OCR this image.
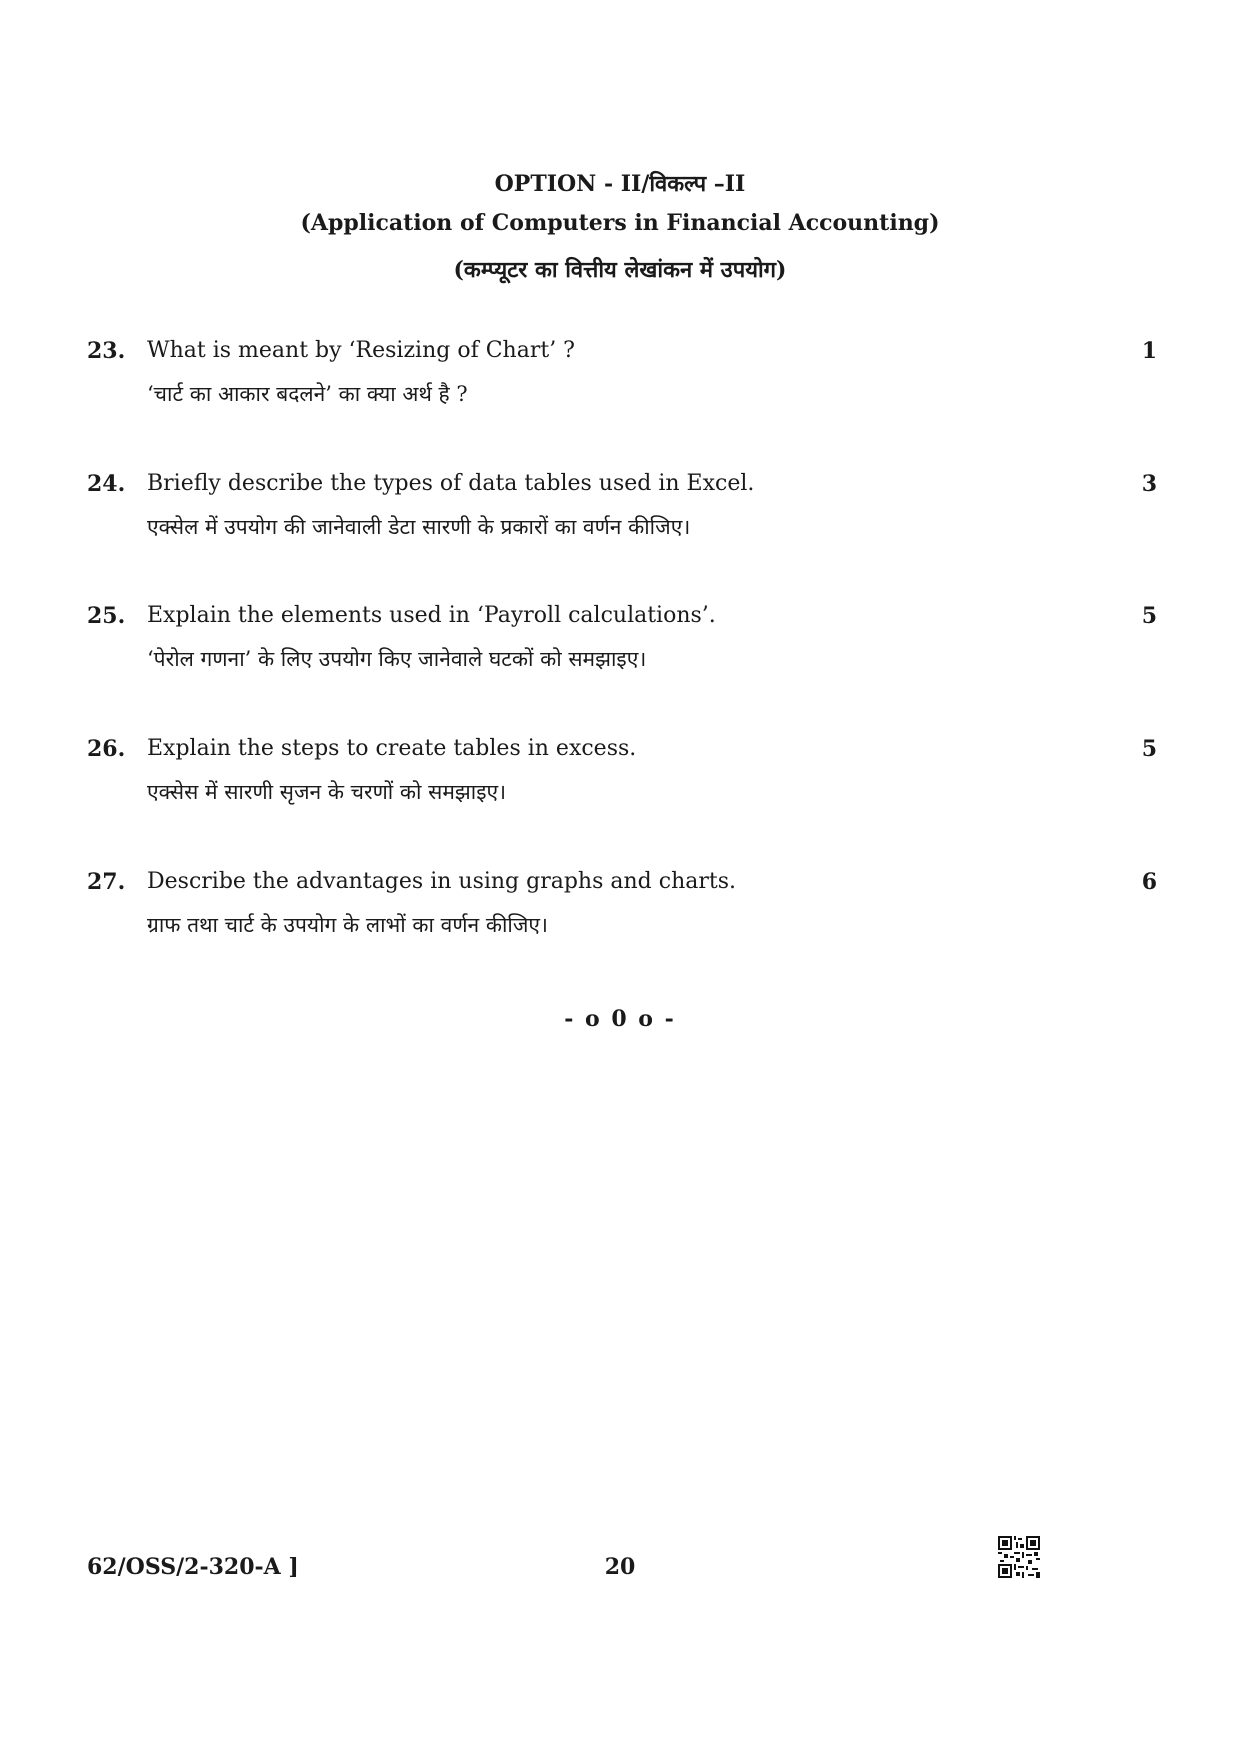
OPTION - II/विकल्प –II
(Application of Computers in Financial Accounting)
(कम्प्यूटर का वित्तीय लेखांकन में उपयोग)
23. What is meant by ‘Resizing of Chart’ ?
‘चार्ट का आकार बदलने’ का क्या अर्थ है ?
1
24. Briefly describe the types of data tables used in Excel.
एक्सेल में उपयोग की जानेवाली डेटा सारणी के प्रकारों का वर्णन कीजिए।
3
25. Explain the elements used in ‘Payroll calculations’.
‘पेरोल गणना’ के लिए उपयोग किए जानेवाले घटकों को समझाइए।
5
26. Explain the steps to create tables in excess.
एक्सेस में सारणी सृजन के चरणों को समझाइए।
5
27. Describe the advantages in using graphs and charts.
ग्राफ तथा चार्ट के उपयोग के लाभों का वर्णन कीजिए।
6
- o 0 o -
62/OSS/2-320-A ]	20
